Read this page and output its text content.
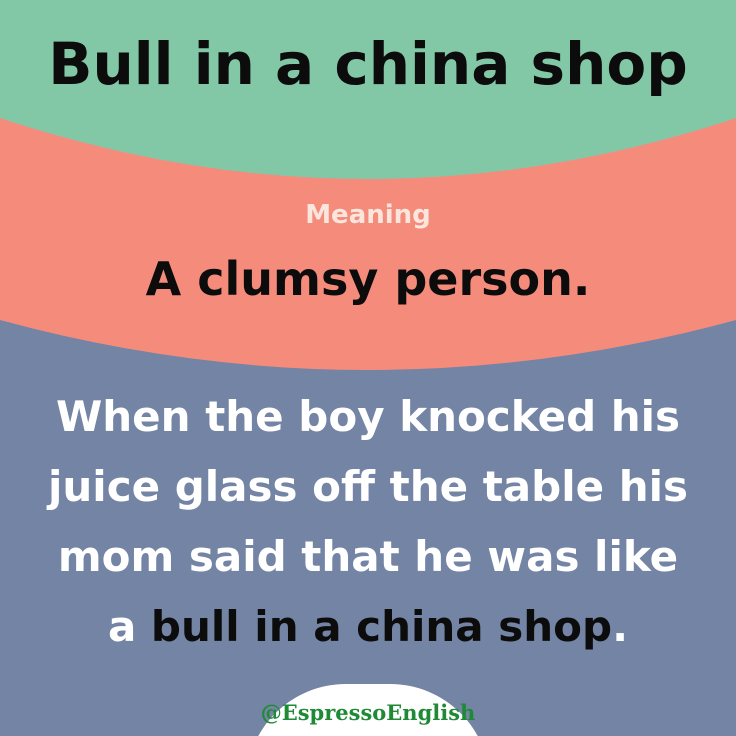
Bull in a china shop
Meaning
A clumsy person.
When the boy knocked his juice glass off the table his mom said that he was like a bull in a china shop.
@EspressoEnglish
